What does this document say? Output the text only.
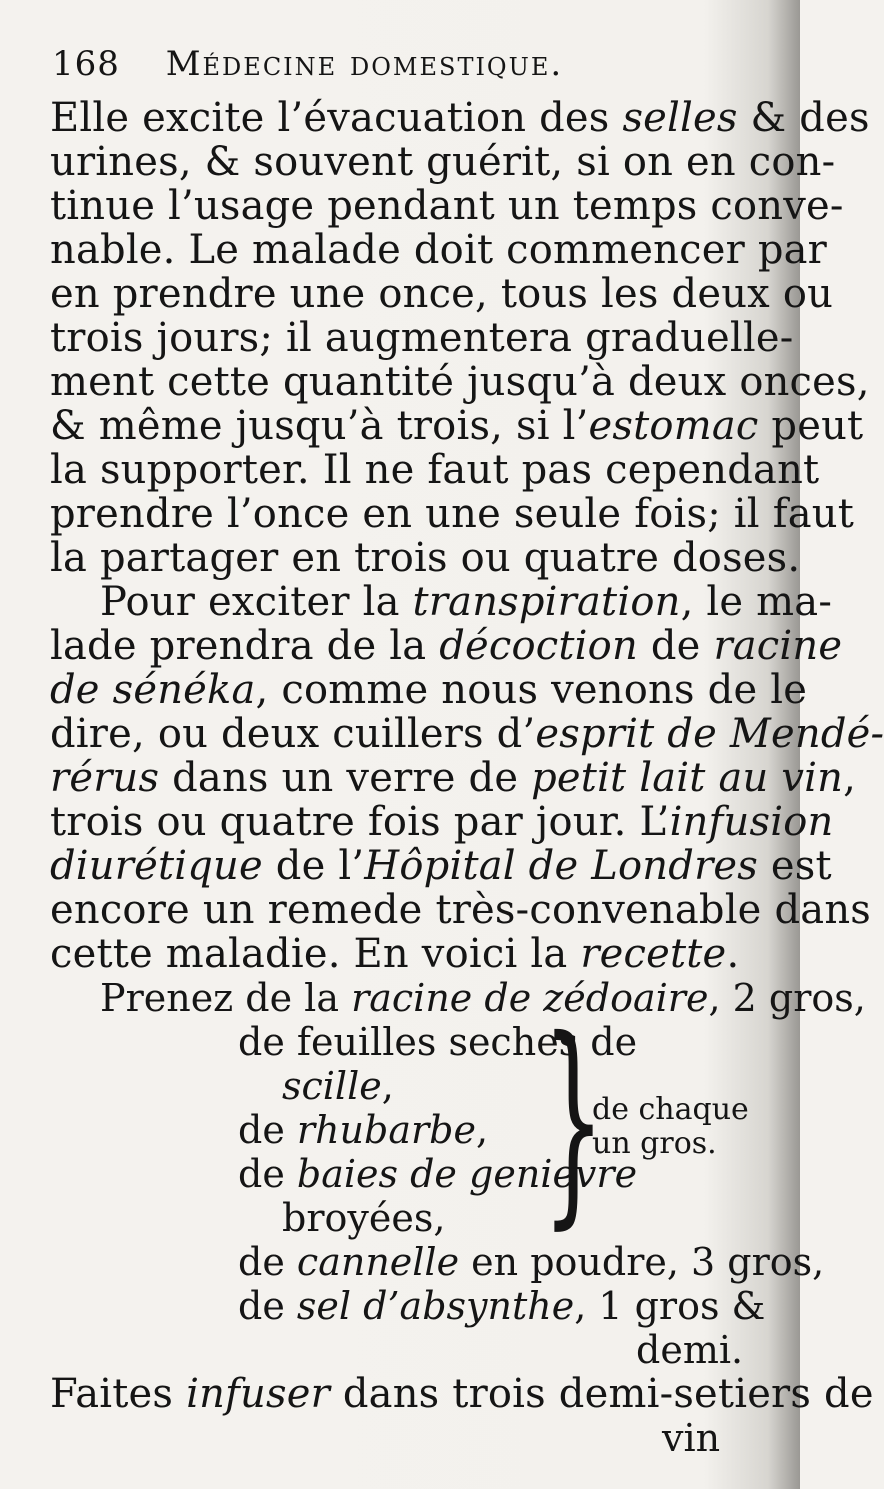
168 Médecine domestique.
Elle excite l’évacuation des selles & des
urines, & souvent guérit, si on en con-
tinue l’usage pendant un temps conve-
nable. Le malade doit commencer par
en prendre une once, tous les deux ou
trois jours; il augmentera graduelle-
ment cette quantité jusqu’à deux onces,
& même jusqu’à trois, si l’estomac peut
la supporter. Il ne faut pas cependant
prendre l’once en une seule fois; il faut
la partager en trois ou quatre doses.
Pour exciter la transpiration, le ma-
lade prendra de la décoction de racine
de sénéka, comme nous venons de le
dire, ou deux cuillers d’esprit de Mendé-
rérus dans un verre de petit lait au vin,
trois ou quatre fois par jour. L’infusion
diurétique de l’Hôpital de Londres est
encore un remede très-convenable dans
cette maladie. En voici la recette.
Prenez de la racine de zédoaire, 2 gros,
de feuilles seches de
scille,
de rhubarbe,
de baies de genievre
broyées, }
de chaque
un gros.
de cannelle en poudre, 3 gros,
de sel d’absynthe, 1 gros &
demi.
Faites infuser dans trois demi-setiers de
vin
